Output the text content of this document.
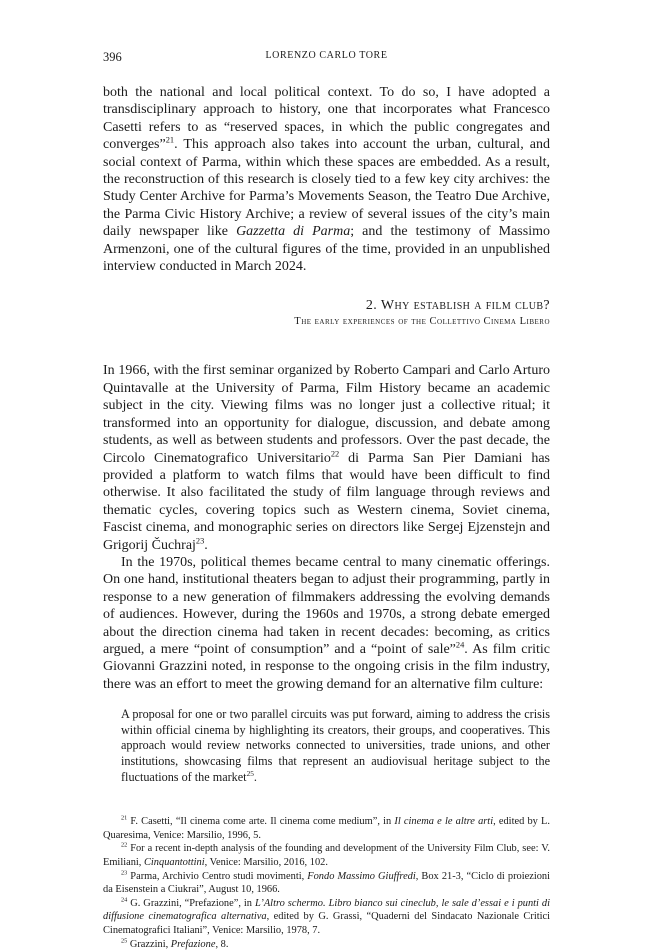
396	LORENZO CARLO TORE

both the national and local political context. To do so, I have adopted a transdisciplinary approach to history, one that incorporates what Francesco Casetti refers to as “reserved spaces, in which the public congregates and converges”$^{21}$. This approach also takes into account the urban, cultural, and social context of Parma, within which these spaces are embedded. As a result, the reconstruction of this research is closely tied to a few key city archives: the Study Center Archive for Parma’s Movements Season, the Teatro Due Archive, the Parma Civic History Archive; a review of several issues of the city’s main daily newspaper like Gazzetta di Parma; and the testimony of Massimo Armenzoni, one of the cultural figures of the time, provided in an unpublished interview conducted in March 2024.

2. Why establish a film club?
The early experiences of the Collettivo Cinema Libero

In 1966, with the first seminar organized by Roberto Campari and Carlo Arturo Quintavalle at the University of Parma, Film History became an academic subject in the city. Viewing films was no longer just a collective ritual; it transformed into an opportunity for dialogue, discussion, and debate among students, as well as between students and professors. Over the past decade, the Circolo Cinematografico Universitario$^{22}$ di Parma San Pier Damiani has provided a platform to watch films that would have been difficult to find otherwise. It also facilitated the study of film language through reviews and thematic cycles, covering topics such as Western cinema, Soviet cinema, Fascist cinema, and monographic series on directors like Sergej Ejzenstejn and Grigorij Čuchraj$^{23}$.

In the 1970s, political themes became central to many cinematic offerings. On one hand, institutional theaters began to adjust their programming, partly in response to a new generation of filmmakers addressing the evolving demands of audiences. However, during the 1960s and 1970s, a strong debate emerged about the direction cinema had taken in recent decades: becoming, as critics argued, a mere “point of consumption” and a “point of sale”$^{24}$. As film critic Giovanni Grazzini noted, in response to the ongoing crisis in the film industry, there was an effort to meet the growing demand for an alternative film culture:

A proposal for one or two parallel circuits was put forward, aiming to address the crisis within official cinema by highlighting its creators, their groups, and cooperatives. This approach would review networks connected to universities, trade unions, and other institutions, showcasing films that represent an audiovisual heritage subject to the fluctuations of the market$^{25}$.
$^{21}$ F. Casetti, “Il cinema come arte. Il cinema come medium”, in Il cinema e le altre arti, edited by L. Quaresima, Venice: Marsilio, 1996, 5.
$^{22}$ For a recent in-depth analysis of the founding and development of the University Film Club, see: V. Emiliani, Cinquantottini, Venice: Marsilio, 2016, 102.
$^{23}$ Parma, Archivio Centro studi movimenti, Fondo Massimo Giuffredi, Box 21-3, “Ciclo di proiezioni da Eisenstein a Ciukrai”, August 10, 1966.
$^{24}$ G. Grazzini, “Prefazione”, in L’Altro schermo. Libro bianco sui cineclub, le sale d’essai e i punti di diffusione cinematografica alternativa, edited by G. Grassi, “Quaderni del Sindacato Nazionale Critici Cinematografici Italiani”, Venice: Marsilio, 1978, 7.
$^{25}$ Grazzini, Prefazione, 8.
